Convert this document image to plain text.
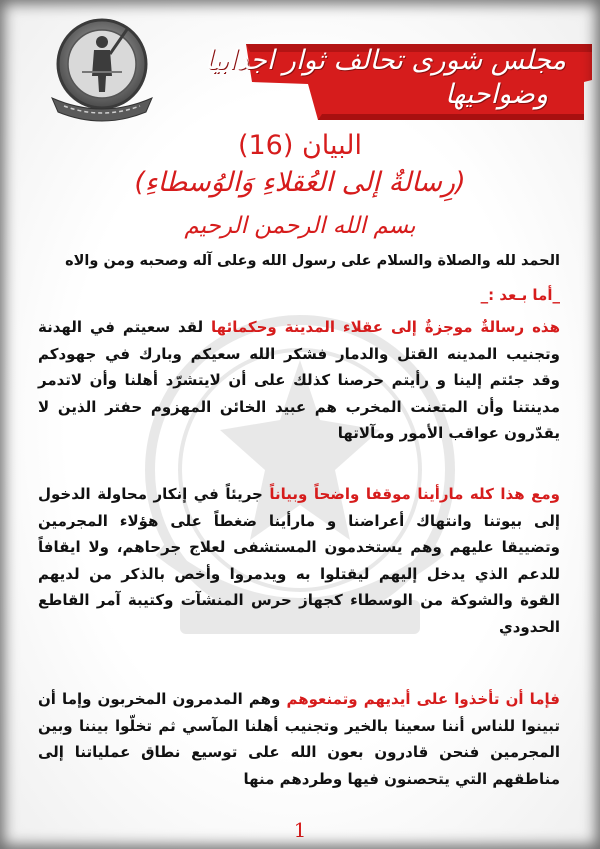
مجلس شورى تحالف ثوار اجدابيا
وضواحيها
البيان (16)
(رِسالةٌ إلى العُقلاءِ وَالوُسطاءِ)
بسم الله الرحمن الرحيم
الحمد لله والصلاة والسلام على رسول الله وعلى آله وصحبه ومن والاه
_أما بـعد :_
هذه رسالةٌ موجزةٌ إلى عقلاء المدينة وحكمائها لقد سعيتم في الهدنة وتجنيب المدينه القتل والدمار فشكر الله سعيكم وبارك في جهودكم وقد جئتم إلينا و رأيتم حرصنا كذلك على أن لايتشرّد أهلنا وأن لاتدمر مدينتنا وأن المتعنت المخرب هم عبيد الخائن المهزوم حفتر الذين لا يقدّرون عواقب الأمور ومآلاتها
ومع هذا كله مارأينا موقفا واضحاً وبياناً جريئاً في إنكار محاولة الدخول إلى بيوتنا وانتهاك أعراضنا و مارأينا ضغطاً على هؤلاء المجرمين وتضييقا عليهم وهم يستخدمون المستشفى لعلاج جرحاهم، ولا ايقافاً للدعم الذي يدخل إليهم ليقتلوا به ويدمروا وأخص بالذكر من لديهم القوة والشوكة من الوسطاء كجهاز حرس المنشآت وكتيبة آمر القاطع الحدودي
فإما أن تأخذوا على أيديهم وتمنعوهم وهم المدمرون المخربون وإما أن تبينوا للناس أننا سعينا بالخير وتجنيب أهلنا المآسي ثم تخلّوا بيننا وبين المجرمين فنحن قادرون بعون الله على توسيع نطاق عملياتنا إلى مناطقهم التي يتحصنون فيها وطردهم منها
1
